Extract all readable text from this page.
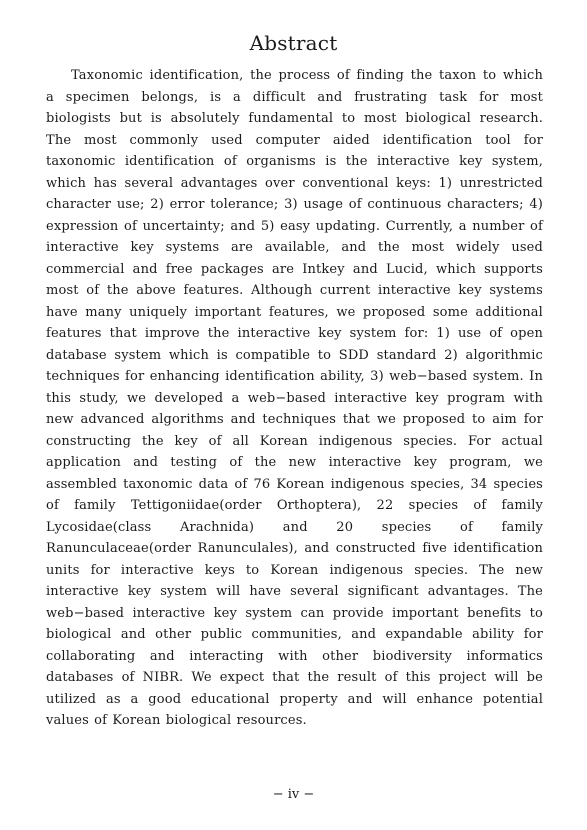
Abstract

Taxonomic identification, the process of finding the taxon to which a specimen belongs, is a difficult and frustrating task for most biologists but is absolutely fundamental to most biological research. The most commonly used computer aided identification tool for taxonomic identification of organisms is the interactive key system, which has several advantages over conventional keys: 1) unrestricted character use; 2) error tolerance; 3) usage of continuous characters; 4) expression of uncertainty; and 5) easy updating. Currently, a number of interactive key systems are available, and the most widely used commercial and free packages are Intkey and Lucid, which supports most of the above features. Although current interactive key systems have many uniquely important features, we proposed some additional features that improve the interactive key system for: 1) use of open database system which is compatible to SDD standard 2) algorithmic techniques for enhancing identification ability, 3) web−based system. In this study, we developed a web−based interactive key program with new advanced algorithms and techniques that we proposed to aim for constructing the key of all Korean indigenous species. For actual application and testing of the new interactive key program, we assembled taxonomic data of 76 Korean indigenous species, 34 species of family Tettigoniidae(order Orthoptera), 22 species of family Lycosidae(class Arachnida) and 20 species of family Ranunculaceae(order Ranunculales), and constructed five identification units for interactive keys to Korean indigenous species. The new interactive key system will have several significant advantages. The web−based interactive key system can provide important benefits to biological and other public communities, and expandable ability for collaborating and interacting with other biodiversity informatics databases of NIBR. We expect that the result of this project will be utilized as a good educational property and will enhance potential values of Korean biological resources.

− iv −
